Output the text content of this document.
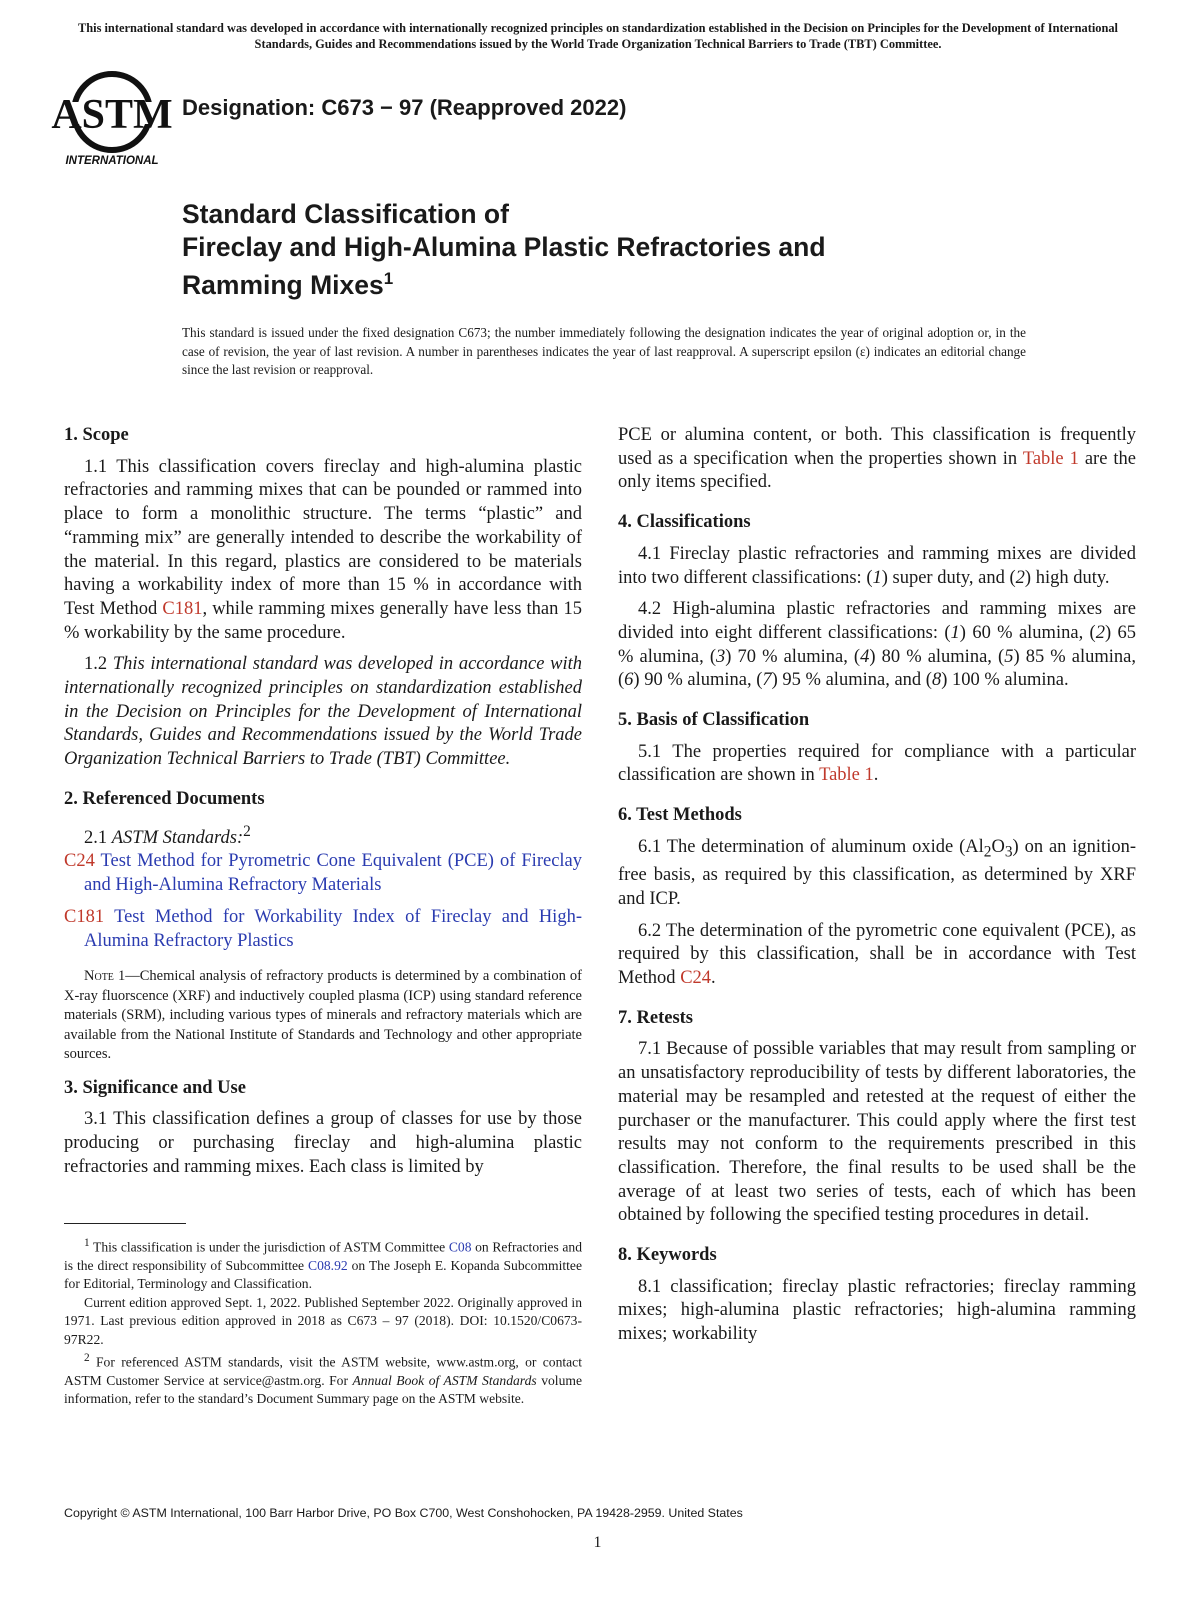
This international standard was developed in accordance with internationally recognized principles on standardization established in the Decision on Principles for the Development of International Standards, Guides and Recommendations issued by the World Trade Organization Technical Barriers to Trade (TBT) Committee.
ASTM
INTERNATIONAL
Designation: C673 − 97 (Reapproved 2022)
Standard Classification of
Fireclay and High-Alumina Plastic Refractories and
Ramming Mixes$^1$
This standard is issued under the fixed designation C673; the number immediately following the designation indicates the year of original adoption or, in the case of revision, the year of last revision. A number in parentheses indicates the year of last reapproval. A superscript epsilon (ε) indicates an editorial change since the last revision or reapproval.
1. Scope

1.1 This classification covers fireclay and high-alumina plastic refractories and ramming mixes that can be pounded or rammed into place to form a monolithic structure. The terms “plastic” and “ramming mix” are generally intended to describe the workability of the material. In this regard, plastics are considered to be materials having a workability index of more than 15 % in accordance with Test Method C181, while ramming mixes generally have less than 15 % workability by the same procedure.

1.2 This international standard was developed in accordance with internationally recognized principles on standardization established in the Decision on Principles for the Development of International Standards, Guides and Recommendations issued by the World Trade Organization Technical Barriers to Trade (TBT) Committee.

2. Referenced Documents

2.1 ASTM Standards:$^2$

C24 Test Method for Pyrometric Cone Equivalent (PCE) of Fireclay and High-Alumina Refractory Materials

C181 Test Method for Workability Index of Fireclay and High-Alumina Refractory Plastics

Note 1—Chemical analysis of refractory products is determined by a combination of X-ray fluorscence (XRF) and inductively coupled plasma (ICP) using standard reference materials (SRM), including various types of minerals and refractory materials which are available from the National Institute of Standards and Technology and other appropriate sources.

3. Significance and Use

3.1 This classification defines a group of classes for use by those producing or purchasing fireclay and high-alumina plastic refractories and ramming mixes. Each class is limited by

$^1$ This classification is under the jurisdiction of ASTM Committee C08 on Refractories and is the direct responsibility of Subcommittee C08.92 on The Joseph E. Kopanda Subcommittee for Editorial, Terminology and Classification.

Current edition approved Sept. 1, 2022. Published September 2022. Originally approved in 1971. Last previous edition approved in 2018 as C673 – 97 (2018). DOI: 10.1520/C0673-97R22.

$^2$ For referenced ASTM standards, visit the ASTM website, www.astm.org, or contact ASTM Customer Service at service@astm.org. For Annual Book of ASTM Standards volume information, refer to the standard’s Document Summary page on the ASTM website.

PCE or alumina content, or both. This classification is frequently used as a specification when the properties shown in Table 1 are the only items specified.

4. Classifications

4.1 Fireclay plastic refractories and ramming mixes are divided into two different classifications: (1) super duty, and (2) high duty.

4.2 High-alumina plastic refractories and ramming mixes are divided into eight different classifications: (1) 60 % alumina, (2) 65 % alumina, (3) 70 % alumina, (4) 80 % alumina, (5) 85 % alumina, (6) 90 % alumina, (7) 95 % alumina, and (8) 100 % alumina.

5. Basis of Classification

5.1 The properties required for compliance with a particular classification are shown in Table 1.

6. Test Methods

6.1 The determination of aluminum oxide $(Al_2O_3)$ on an ignition-free basis, as required by this classification, as determined by XRF and ICP.

6.2 The determination of the pyrometric cone equivalent (PCE), as required by this classification, shall be in accordance with Test Method C24.

7. Retests

7.1 Because of possible variables that may result from sampling or an unsatisfactory reproducibility of tests by different laboratories, the material may be resampled and retested at the request of either the purchaser or the manufacturer. This could apply where the first test results may not conform to the requirements prescribed in this classification. Therefore, the final results to be used shall be the average of at least two series of tests, each of which has been obtained by following the specified testing procedures in detail.

8. Keywords

8.1 classification; fireclay plastic refractories; fireclay ramming mixes; high-alumina plastic refractories; high-alumina ramming mixes; workability

Copyright © ASTM International, 100 Barr Harbor Drive, PO Box C700, West Conshohocken, PA 19428-2959. United States
1
